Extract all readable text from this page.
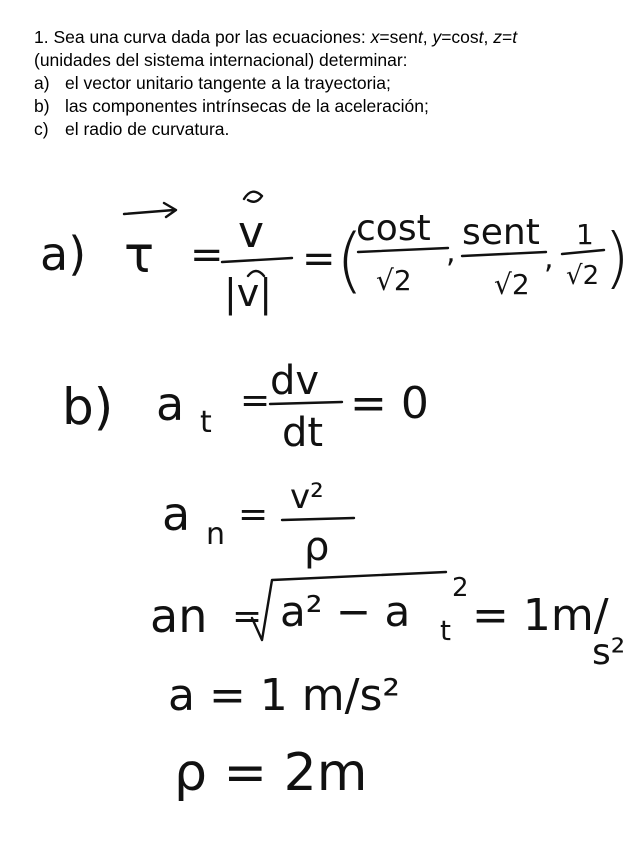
1. Sea una curva dada por las ecuaciones: x=sent, y=cost, z=t

(unidades del sistema internacional) determinar:

a) el vector unitario tangente a la trayectoria;
b) las componentes intrínsecas de la aceleración;
c) el radio de curvatura.
a) τ = v
|v|
= (
cost
√2
, sent
√2
,
1
√2 )
b) a t
= dv
dt
= 0
a n = v²
ρ
an = a² − a t
2
= 1m/
s²
a = 1 m/s²
ρ = 2m
